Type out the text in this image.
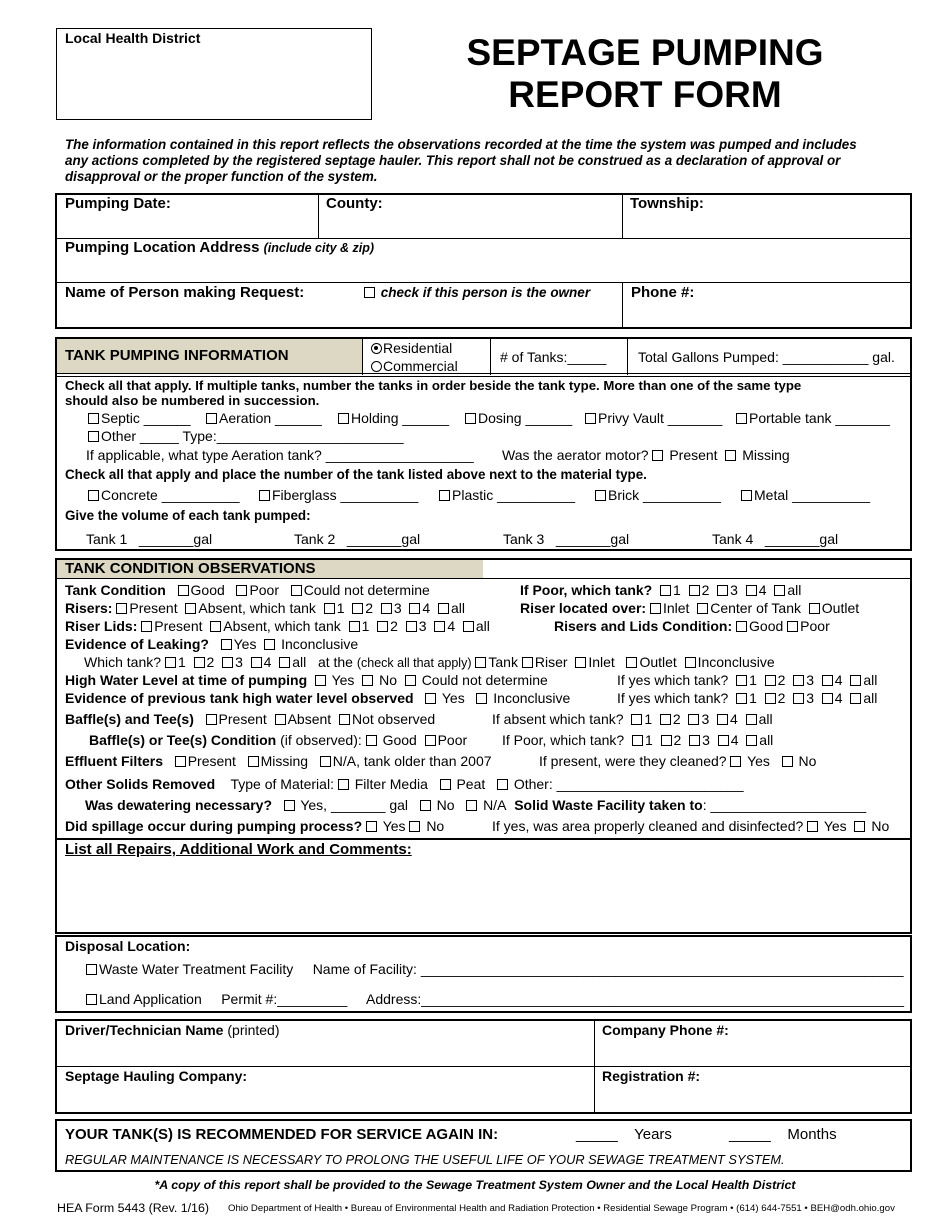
Local Health District	SEPTAGE PUMPING
REPORT FORM
The information contained in this report reflects the observations recorded at the time the system was pumped and includes
any actions completed by the registered septage hauler. This report shall not be construed as a declaration of approval or
disapproval or the proper function of the system.
Pumping Date:	County:	Township:
Pumping Location Address (include city & zip)
Name of Person making Request:	check if this person is the owner	Phone #:
TANK PUMPING INFORMATION	Residential
Commercial
# of Tanks:_____ Total Gallons Pumped: ___________ gal.
Check all that apply. If multiple tanks, number the tanks in order beside the tank type. More than one of the same type
should also be numbered in succession.
Septic ______	Aeration ______	Holding ______	Dosing ______	Privy Vault _______	Portable tank _______
Other _____ Type:________________________
If applicable, what type Aeration tank? ___________________ Was the aerator motor? Present Missing
Check all that apply and place the number of the tank listed above next to the material type.
Concrete __________	Fiberglass __________	Plastic __________	Brick __________	Metal __________
Give the volume of each tank pumped:
Tank 1   _______gal	Tank 2   _______gal	Tank 3   _______gal	Tank 4   _______gal
TANK CONDITION OBSERVATIONS
Tank Condition Good Poor Could not determine	If Poor, which tank? 1 2 3 4 all
Risers: Present Absent, which tank 1 2 3 4 all	Riser located over: Inlet Center of Tank Outlet
Riser Lids: Present Absent, which tank 1 2 3 4 all	Risers and Lids Condition: Good Poor
Evidence of Leaking? Yes Inconclusive
Which tank? 1 2 3 4 all at the (check all that apply) Tank Riser Inlet Outlet Inconclusive
High Water Level at time of pumping Yes No Could not determine	If yes which tank? 1 2 3 4 all
Evidence of previous tank high water level observed Yes Inconclusive	If yes which tank? 1 2 3 4 all
Baffle(s) and Tee(s) Present Absent Not observed	If absent which tank? 1 2 3 4 all
Baffle(s) or Tee(s) Condition (if observed): Good Poor If Poor, which tank? 1 2 3 4 all
Effluent Filters Present Missing N/A, tank older than 2007	If present, were they cleaned? Yes No
Other Solids Removed Type of Material: Filter Media Peat Other: ________________________
Was dewatering necessary? Yes, _______ gal No N/A Solid Waste Facility taken to: ____________________
Did spillage occur during pumping process? Yes No	If yes, was area properly cleaned and disinfected? Yes No
List all Repairs, Additional Work and Comments:
Disposal Location:
Waste Water Treatment Facility Name of Facility: ______________________________________________________________
Land Application Permit #:_________ Address:______________________________________________________________
Driver/Technician Name (printed)	Company Phone #:
Septage Hauling Company:	Registration #:
YOUR TANK(S) IS RECOMMENDED FOR SERVICE AGAIN IN:	_____    Years	_____    Months
REGULAR MAINTENANCE IS NECESSARY TO PROLONG THE USEFUL LIFE OF YOUR SEWAGE TREATMENT SYSTEM.
*A copy of this report shall be provided to the Sewage Treatment System Owner and the Local Health District
HEA Form 5443 (Rev. 1/16) Ohio Department of Health • Bureau of Environmental Health and Radiation Protection • Residential Sewage Program • (614) 644-7551 • BEH@odh.ohio.gov
